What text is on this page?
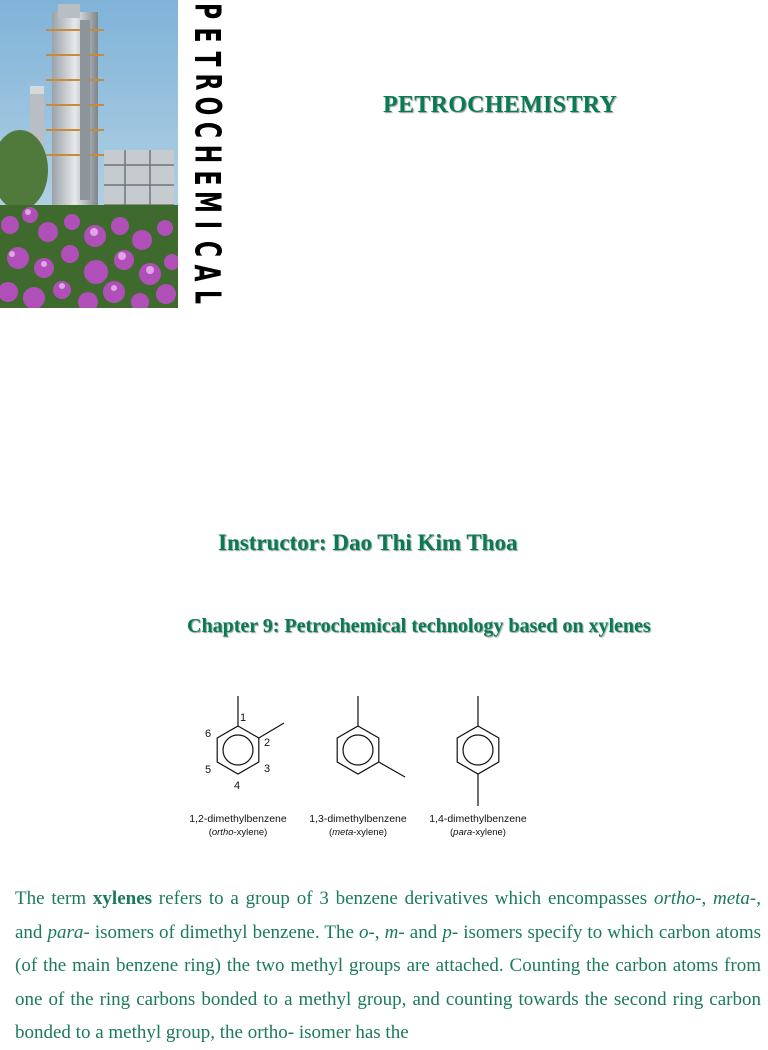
P
E
T
R
O
C
H
E
M
I
C
A
L
PETROCHEMISTRY
Instructor: Dao Thi Kim Thoa
Chapter 9: Petrochemical technology based on xylenes
1
2
3
4
5
6
1,2-dimethylbenzene 1,3-dimethylbenzene 1,4-dimethylbenzene
(ortho-xylene)	(meta-xylene)	(para-xylene)
The term xylenes refers to a group of 3 benzene derivatives which encompasses ortho-, meta-, and para- isomers of dimethyl benzene. The o-, m- and p- isomers specify to which carbon atoms (of the main benzene ring) the two methyl groups are attached. Counting the carbon atoms from one of the ring carbons bonded to a methyl group, and counting towards the second ring carbon bonded to a methyl group, the ortho- isomer has the
